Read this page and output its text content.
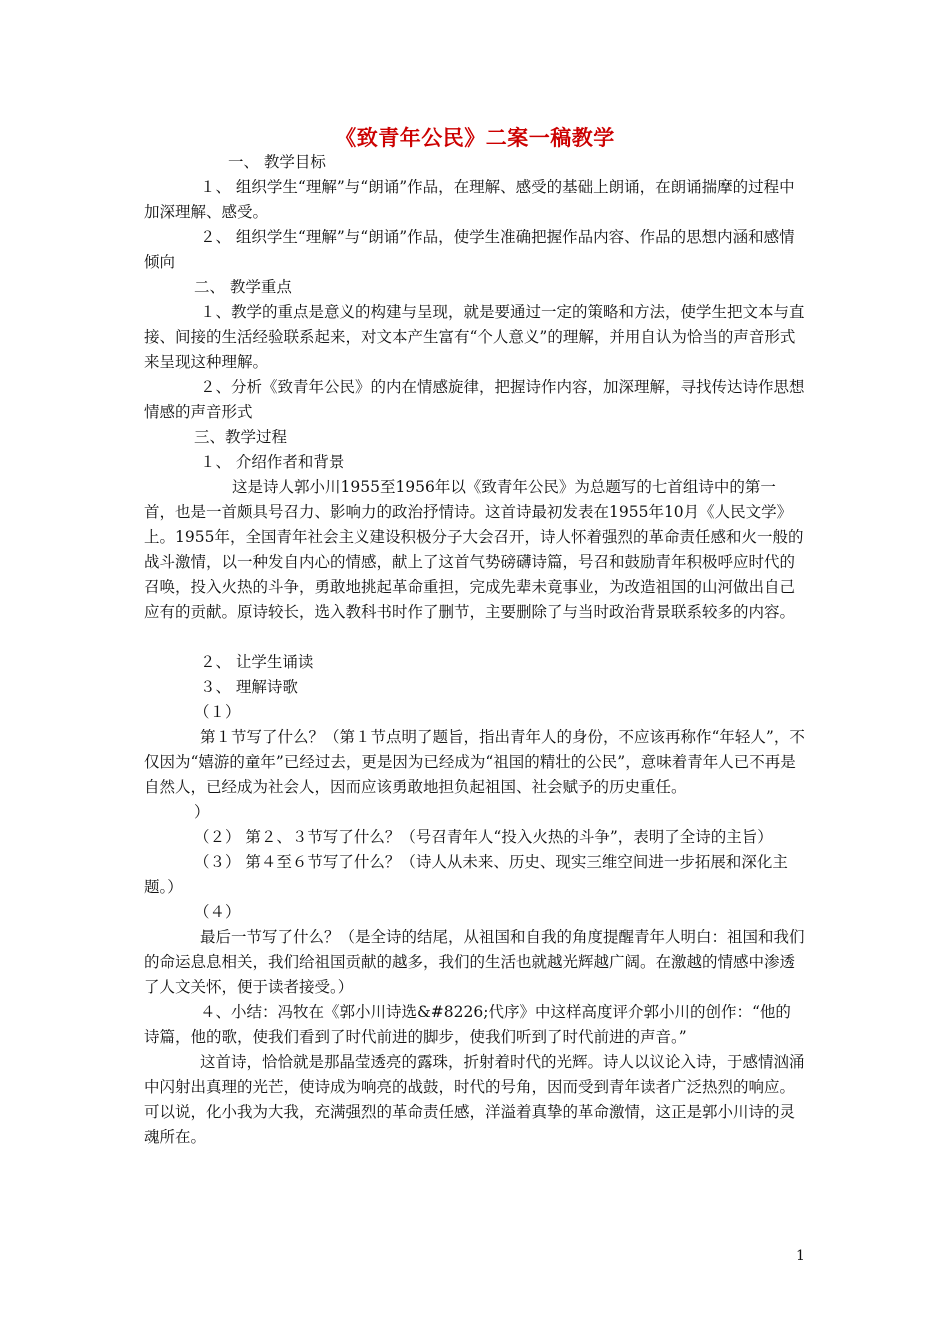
《致青年公民》二案一稿教学

一、 教学目标

１、 组织学生“理解”与“朗诵”作品，在理解、感受的基础上朗诵，在朗诵揣摩的过程中加深理解、感受。

２、 组织学生“理解”与“朗诵”作品，使学生准确把握作品内容、作品的思想内涵和感情倾向

二、 教学重点

１、教学的重点是意义的构建与呈现，就是要通过一定的策略和方法，使学生把文本与直接、间接的生活经验联系起来，对文本产生富有“个人意义”的理解，并用自认为恰当的声音形式来呈现这种理解。

２、分析《致青年公民》的内在情感旋律，把握诗作内容，加深理解，寻找传达诗作思想情感的声音形式

三、教学过程

１、 介绍作者和背景

这是诗人郭小川1955至1956年以《致青年公民》为总题写的七首组诗中的第一首，也是一首颇具号召力、影响力的政治抒情诗。这首诗最初发表在1955年10月《人民文学》上。1955年，全国青年社会主义建设积极分子大会召开，诗人怀着强烈的革命责任感和火一般的战斗激情，以一种发自内心的情感，献上了这首气势磅礴诗篇，号召和鼓励青年积极呼应时代的召唤，投入火热的斗争，勇敢地挑起革命重担，完成先辈未竟事业，为改造祖国的山河做出自己应有的贡献。原诗较长，选入教科书时作了删节，主要删除了与当时政治背景联系较多的内容。

２、 让学生诵读

３、 理解诗歌

（１）

第１节写了什么？（第１节点明了题旨，指出青年人的身份，不应该再称作“年轻人”，不仅因为“嬉游的童年”已经过去，更是因为已经成为“祖国的精壮的公民”，意味着青年人已不再是自然人，已经成为社会人，因而应该勇敢地担负起祖国、社会赋予的历史重任。

）

（２） 第２、３节写了什么？（号召青年人“投入火热的斗争”，表明了全诗的主旨）

（３） 第４至６节写了什么？（诗人从未来、历史、现实三维空间进一步拓展和深化主题。）

（４）

最后一节写了什么？（是全诗的结尾，从祖国和自我的角度提醒青年人明白：祖国和我们的命运息息相关，我们给祖国贡献的越多，我们的生活也就越光辉越广阔。在激越的情感中渗透了人文关怀，便于读者接受。）

４、小结：冯牧在《郭小川诗选&#8226;代序》中这样高度评介郭小川的创作：“他的诗篇，他的歌，使我们看到了时代前进的脚步，使我们听到了时代前进的声音。”

这首诗，恰恰就是那晶莹透亮的露珠，折射着时代的光辉。诗人以议论入诗，于感情汹涌中闪射出真理的光芒，使诗成为响亮的战鼓，时代的号角，因而受到青年读者广泛热烈的响应。可以说，化小我为大我，充满强烈的革命责任感，洋溢着真挚的革命激情，这正是郭小川诗的灵魂所在。

1
